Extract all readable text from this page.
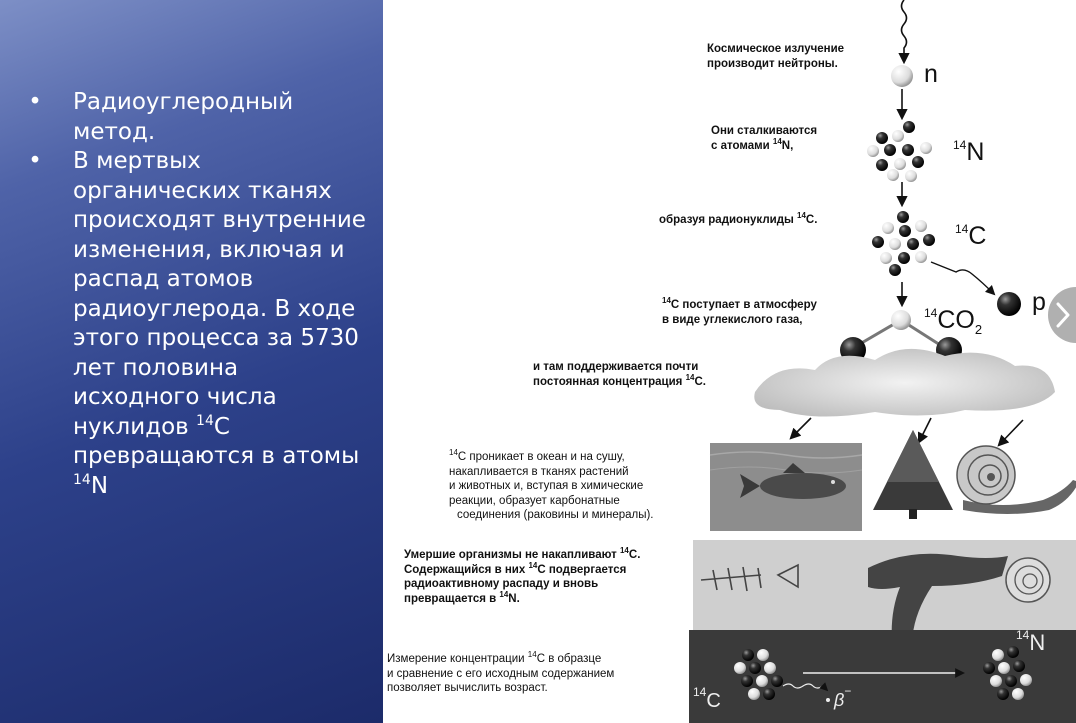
• Радиоуглеродный метод.
• В мертвых органических тканях происходят внутренние изменения, включая и распад атомов радиоуглерода. В ходе этого процесса за 5730 лет половина исходного числа нуклидов $^{14}$C превращаются в атомы $^{14}$N
Космическое излучение
производит нейтроны.	n
Они сталкиваются
с атомами $^{14}$N,	$^{14}$N
образуя радионуклиды $^{14}$C.
$^{14}$C
$^{14}$C поступает в атмосферу
в виде углекислого газа,	$^{14}CO_2$
p
и там поддерживается почти
постоянная концентрация $^{14}$C.
$^{14}$C проникает в океан и на сушу,
накапливается в тканях растений
и животных и, вступая в химические
реакции, образует карбонатные
соединения (раковины и минералы).
Умершие организмы не накапливают $^{14}$C.
Содержащийся в них $^{14}$C подвергается
радиоактивному распаду и вновь
превращается в $^{14}$N.
Измерение концентрации $^{14}$C в образце
и сравнение с его исходным содержанием
позволяет вычислить возраст.	$^{14}$C
$^{14}$N
β−
